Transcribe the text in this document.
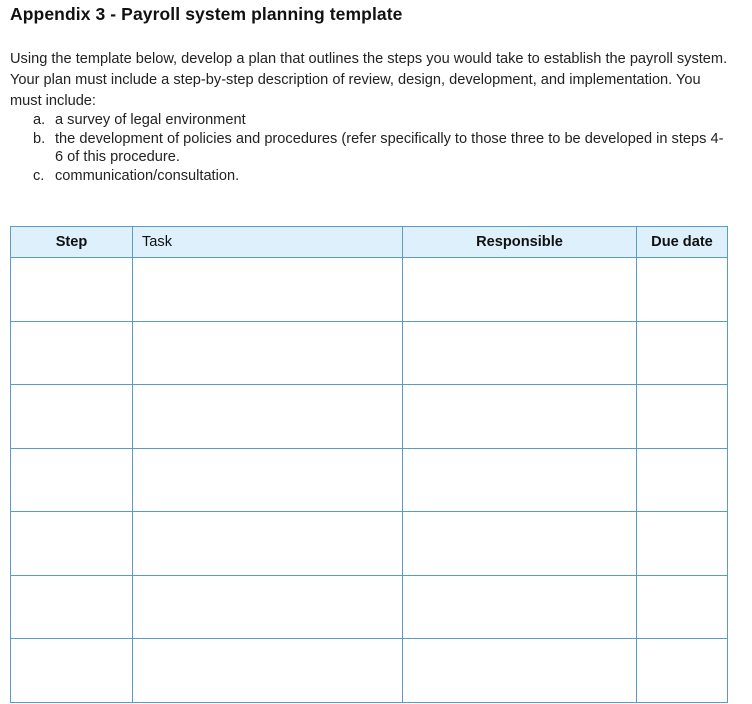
Appendix 3 - Payroll system planning template

Using the template below, develop a plan that outlines the steps you would take to establish the payroll system. Your plan must include a step-by-step description of review, design, development, and implementation. You must include:

a. a survey of legal environment
b. the development of policies and procedures (refer specifically to those three to be developed in steps 4-6 of this procedure.
c. communication/consultation.
Step	Task	Responsible	Due date
